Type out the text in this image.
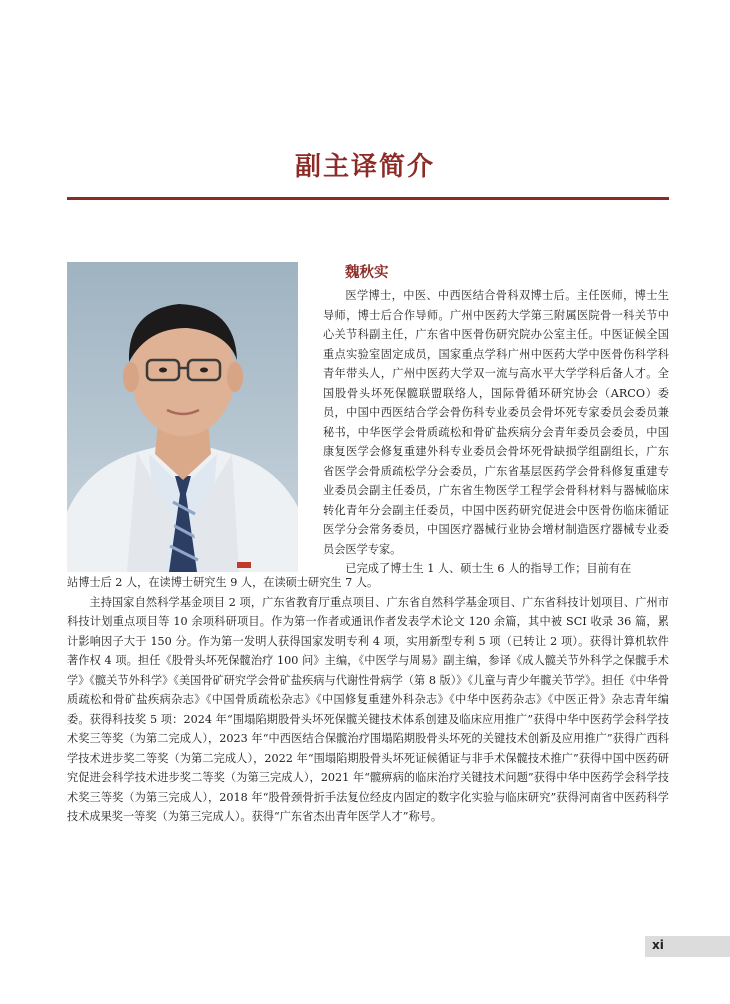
副主译简介
魏秋实

医学博士，中医、中西医结合骨科双博士后。主任医师，博士生导师，博士后合作导师。广州中医药大学第三附属医院骨一科关节中心关节科副主任，广东省中医骨伤研究院办公室主任。中医证候全国重点实验室固定成员，国家重点学科广州中医药大学中医骨伤科学科青年带头人，广州中医药大学双一流与高水平大学学科后备人才。全国股骨头坏死保髋联盟联络人，国际骨循环研究协会（ARCO）委员，中国中西医结合学会骨伤科专业委员会骨坏死专家委员会委员兼秘书，中华医学会骨质疏松和骨矿盐疾病分会青年委员会委员，中国康复医学会修复重建外科专业委员会骨坏死骨缺损学组副组长，广东省医学会骨质疏松学分会委员，广东省基层医药学会骨科修复重建专业委员会副主任委员，广东省生物医学工程学会骨科材料与器械临床转化青年分会副主任委员，中国中医药研究促进会中医骨伤临床循证医学分会常务委员，中国医疗器械行业协会增材制造医疗器械专业委员会医学专家。

已完成了博士生 1 人、硕士生 6 人的指导工作；目前有在

站博士后 2 人，在读博士研究生 9 人，在读硕士研究生 7 人。

主持国家自然科学基金项目 2 项，广东省教育厅重点项目、广东省自然科学基金项目、广东省科技计划项目、广州市科技计划重点项目等 10 余项科研项目。作为第一作者或通讯作者发表学术论文 120 余篇，其中被 SCI 收录 36 篇，累计影响因子大于 150 分。作为第一发明人获得国家发明专利 4 项，实用新型专利 5 项（已转让 2 项）。获得计算机软件著作权 4 项。担任《股骨头坏死保髋治疗 100 问》主编，《中医学与周易》副主编，参译《成人髋关节外科学之保髋手术学》《髋关节外科学》《美国骨矿研究学会骨矿盐疾病与代谢性骨病学（第 8 版）》《儿童与青少年髋关节学》。担任《中华骨质疏松和骨矿盐疾病杂志》《中国骨质疏松杂志》《中国修复重建外科杂志》《中华中医药杂志》《中医正骨》杂志青年编委。获得科技奖 5 项：2024 年“围塌陷期股骨头坏死保髋关键技术体系创建及临床应用推广”获得中华中医药学会科学技术奖三等奖（为第二完成人），2023 年“中西医结合保髋治疗围塌陷期股骨头坏死的关键技术创新及应用推广”获得广西科学技术进步奖二等奖（为第二完成人），2022 年“围塌陷期股骨头坏死证候循证与非手术保髋技术推广”获得中国中医药研究促进会科学技术进步奖二等奖（为第三完成人），2021 年“髋痹病的临床治疗关键技术问题”获得中华中医药学会科学技术奖三等奖（为第三完成人），2018 年“股骨颈骨折手法复位经皮内固定的数字化实验与临床研究”获得河南省中医药科学技术成果奖一等奖（为第三完成人）。获得“广东省杰出青年医学人才”称号。

xi
